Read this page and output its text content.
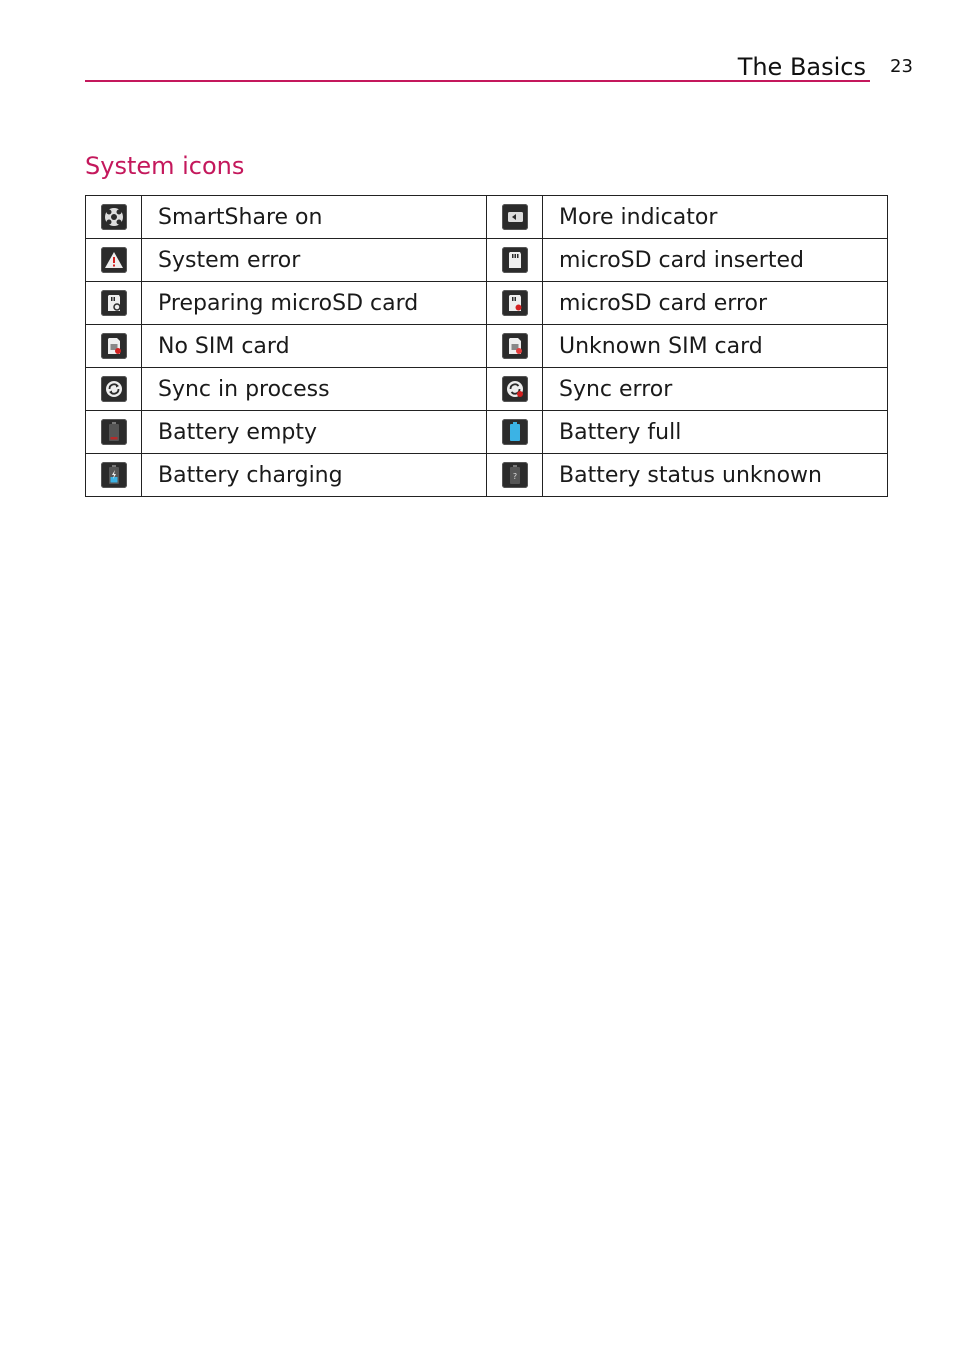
The Basics 23
System icons
	SmartShare on		More indicator

	System error		microSD card inserted

	Preparing microSD card		microSD card error

	No SIM card		Unknown SIM card

	Sync in process		Sync error

	Battery empty		Battery full

	Battery charging	?	Battery status unknown
